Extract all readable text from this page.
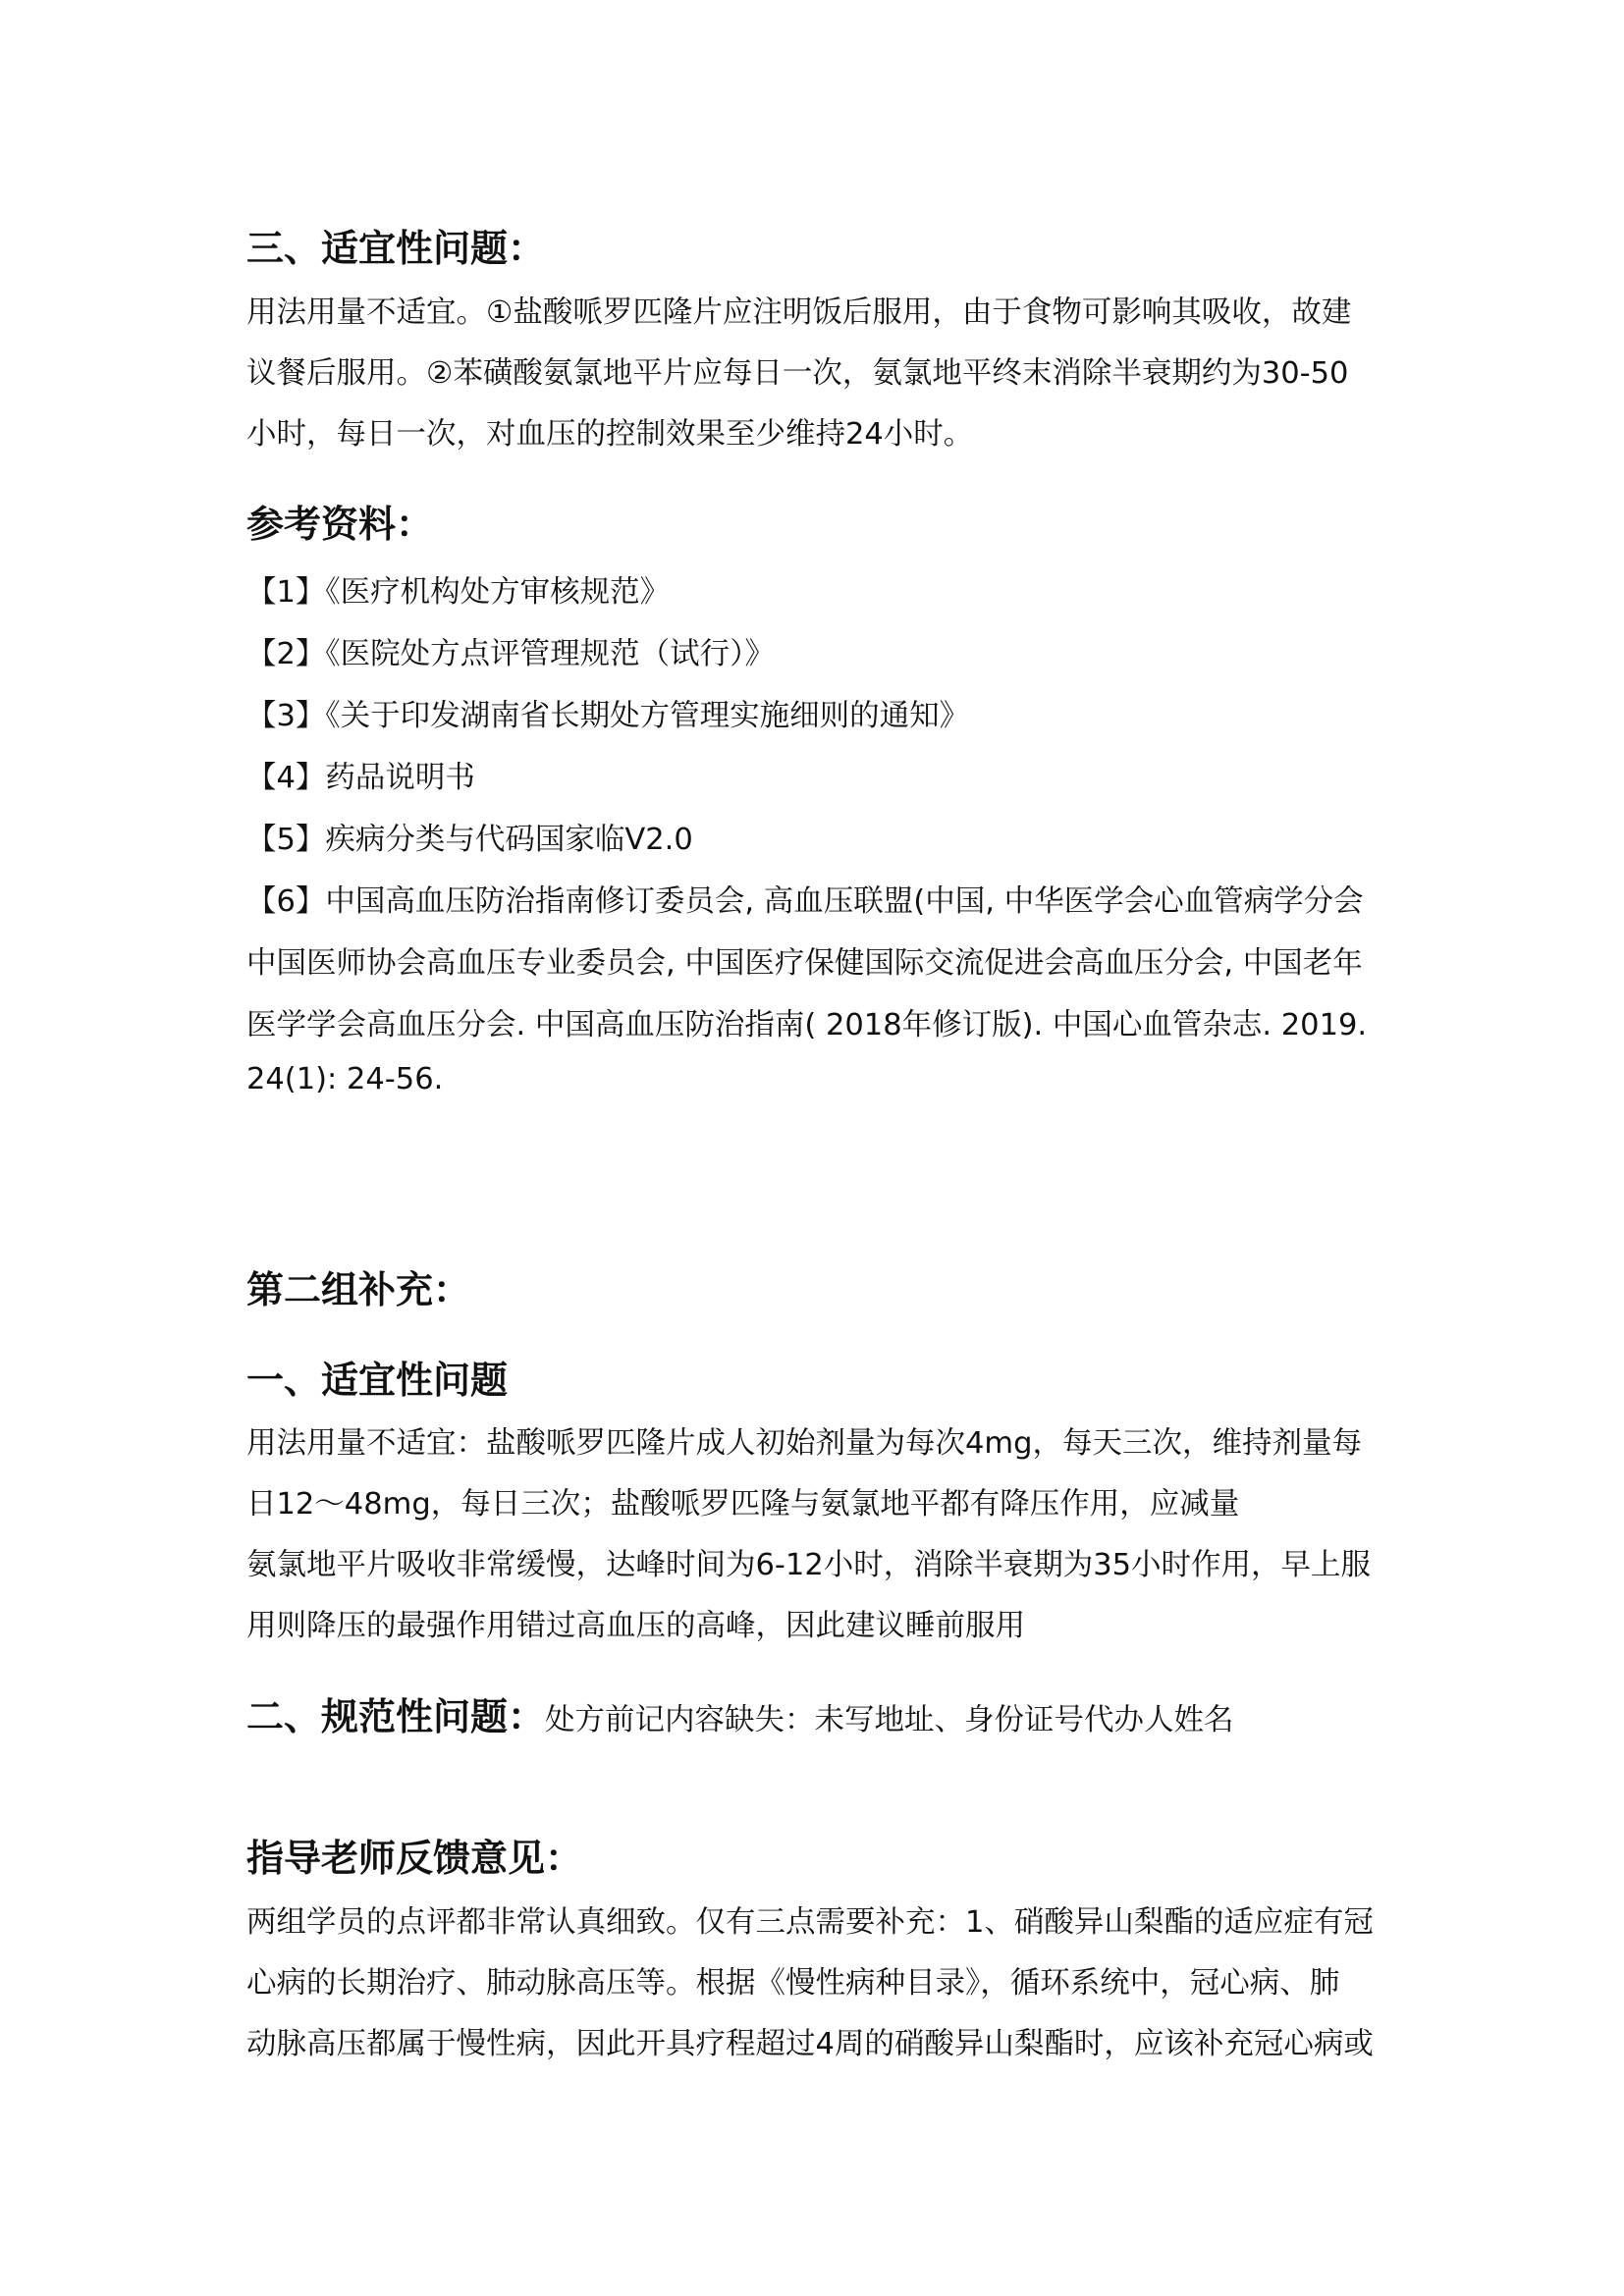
三、适宜性问题：
用法用量不适宜。①盐酸哌罗匹隆片应注明饭后服用，由于食物可影响其吸收，故建
议餐后服用。②苯磺酸氨氯地平片应每日一次，氨氯地平终末消除半衰期约为30-50
小时，每日一次，对血压的控制效果至少维持24小时。
参考资料：
【1】《医疗机构处方审核规范》
【2】《医院处方点评管理规范（试行）》
【3】《关于印发湖南省长期处方管理实施细则的通知》
【4】药品说明书
【5】疾病分类与代码国家临V2.0
【6】中国高血压防治指南修订委员会, 高血压联盟(中国, 中华医学会心血管病学分会
中国医师协会高血压专业委员会, 中国医疗保健国际交流促进会高血压分会, 中国老年
医学学会高血压分会. 中国高血压防治指南( 2018年修订版). 中国心血管杂志. 2019.
24(1): 24-56.
第二组补充：
一、适宜性问题
用法用量不适宜：盐酸哌罗匹隆片成人初始剂量为每次4mg，每天三次，维持剂量每
日12～48mg，每日三次；盐酸哌罗匹隆与氨氯地平都有降压作用，应减量
氨氯地平片吸收非常缓慢，达峰时间为6-12小时，消除半衰期为35小时作用，早上服
用则降压的最强作用错过高血压的高峰，因此建议睡前服用
二、规范性问题：处方前记内容缺失：未写地址、身份证号代办人姓名
指导老师反馈意见：
两组学员的点评都非常认真细致。仅有三点需要补充：1、硝酸异山梨酯的适应症有冠
心病的长期治疗、肺动脉高压等。根据《慢性病种目录》，循环系统中，冠心病、肺
动脉高压都属于慢性病，因此开具疗程超过4周的硝酸异山梨酯时，应该补充冠心病或
